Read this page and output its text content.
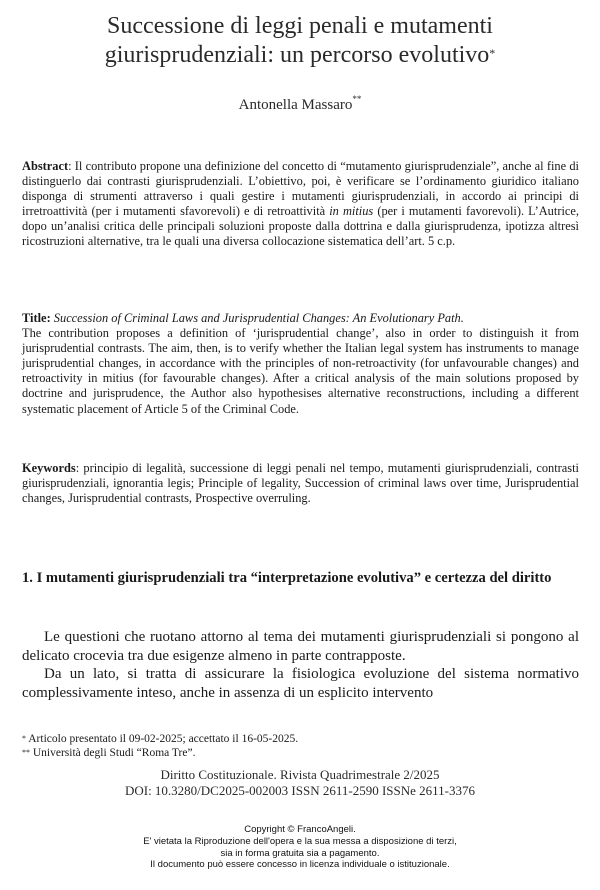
Successione di leggi penali e mutamenti giurisprudenziali: un percorso evolutivo*
Antonella Massaro**
Abstract: Il contributo propone una definizione del concetto di “mutamento giurisprudenziale”, anche al fine di distinguerlo dai contrasti giurisprudenziali. L’obiettivo, poi, è verificare se l’ordinamento giuridico italiano disponga di strumenti attraverso i quali gestire i mutamenti giurisprudenziali, in accordo ai principi di irretroattività (per i mutamenti sfavorevoli) e di retroattività in mitius (per i mutamenti favorevoli). L’Autrice, dopo un’analisi critica delle principali soluzioni proposte dalla dottrina e dalla giurisprudenza, ipotizza altresì ricostruzioni alternative, tra le quali una diversa collocazione sistematica dell’art. 5 c.p.
Title: Succession of Criminal Laws and Jurisprudential Changes: An Evolutionary Path.
The contribution proposes a definition of ‘jurisprudential change’, also in order to distinguish it from jurisprudential contrasts. The aim, then, is to verify whether the Italian legal system has instruments to manage jurisprudential changes, in accordance with the principles of non-retroactivity (for unfavourable changes) and retroactivity in mitius (for favourable changes). After a critical analysis of the main solutions proposed by doctrine and jurisprudence, the Author also hypothesises alternative reconstructions, including a different systematic placement of Article 5 of the Criminal Code.
Keywords: principio di legalità, successione di leggi penali nel tempo, mutamenti giurisprudenziali, contrasti giurisprudenziali, ignorantia legis; Principle of legality, Succession of criminal laws over time, Jurisprudential changes, Jurisprudential contrasts, Prospective overruling.
1. I mutamenti giurisprudenziali tra “interpretazione evolutiva” e certezza del diritto

Le questioni che ruotano attorno al tema dei mutamenti giurisprudenziali si pongono al delicato crocevia tra due esigenze almeno in parte contrapposte.

Da un lato, si tratta di assicurare la fisiologica evoluzione del sistema normativo complessivamente inteso, anche in assenza di un esplicito intervento

* Articolo presentato il 09-02-2025; accettato il 16-05-2025.
** Università degli Studi “Roma Tre”.
Diritto Costituzionale. Rivista Quadrimestrale 2/2025
DOI: 10.3280/DC2025-002003 ISSN 2611-2590 ISSNe 2611-3376
Copyright © FrancoAngeli.
E' vietata la Riproduzione dell'opera e la sua messa a disposizione di terzi,
sia in forma gratuita sia a pagamento.
Il documento può essere concesso in licenza individuale o istituzionale.
